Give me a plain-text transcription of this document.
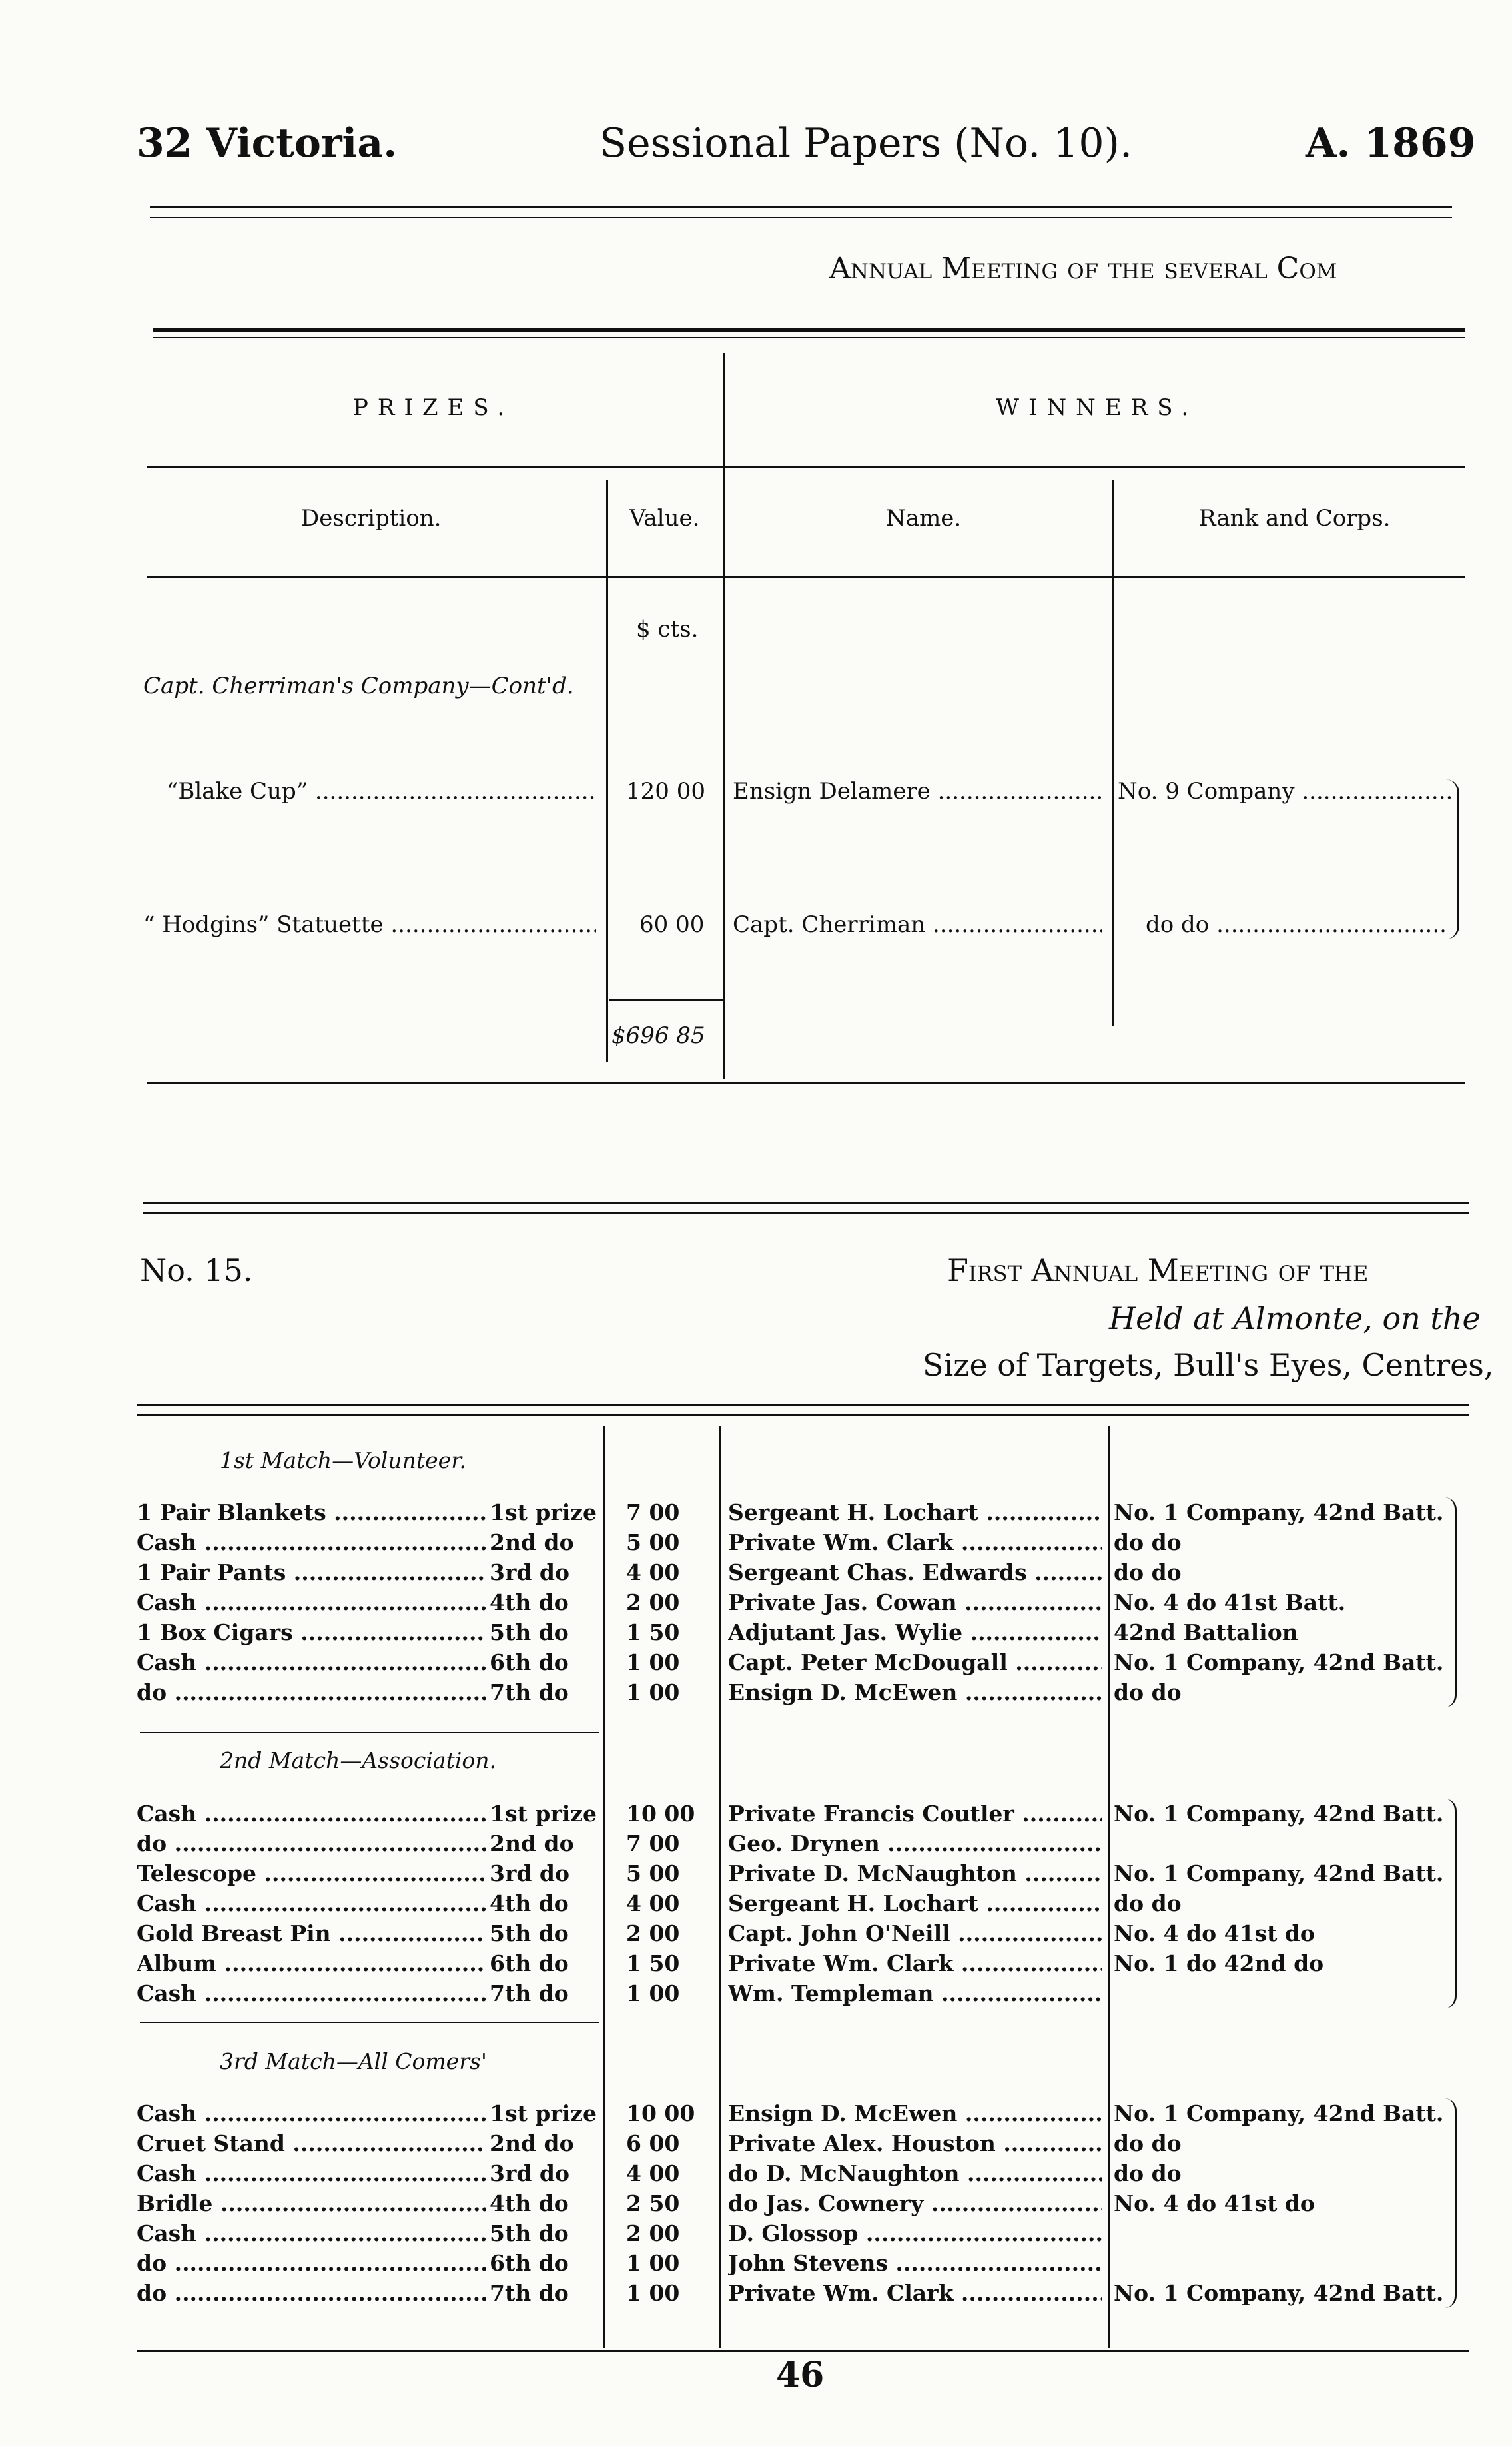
32 Victoria.	Sessional Papers (No. 10).	A. 1869
Annual Meeting of the several Com
PRIZES.	WINNERS.
Description.	Value.	Name.	Rank and Corps.
$ cts.
Capt. Cherriman's Company—Cont'd.
“Blake Cup” .....	120 00 Ensign Delamere .....	No. 9 Company .....
“ Hodgins” Statuette .....	60 00 Capt. Cherriman .....	do do .....
$696 85
No. 15.	First Annual Meeting of the
Held at Almonte, on the
Size of Targets, Bull's Eyes, Centres,
1st Match—Volunteer.
1 Pair Blankets .....	1st prize 7 00	Sergeant H. Lochart .....	No. 1 Company, 42nd Batt.
Cash .....	2nd do	5 00	Private Wm. Clark .....	do do
1 Pair Pants .....	3rd do	4 00	Sergeant Chas. Edwards .....	do do
Cash .....	4th do	2 00	Private Jas. Cowan .....	No. 4 do 41st Batt.
1 Box Cigars .....	5th do	1 50	Adjutant Jas. Wylie .....	42nd Battalion
Cash .....	6th do	1 00	Capt. Peter McDougall .....	No. 1 Company, 42nd Batt.
do .....	7th do	1 00	Ensign D. McEwen .....	do do
2nd Match—Association.
Cash .....	1st prize 10 00	Private Francis Coutler .....	No. 1 Company, 42nd Batt.
do .....	2nd do	7 00	Geo. Drynen .....
Telescope .....	3rd do	5 00	Private D. McNaughton .....	No. 1 Company, 42nd Batt.
Cash .....	4th do	4 00	Sergeant H. Lochart .....	do do
Gold Breast Pin .....	5th do	2 00	Capt. John O'Neill .....	No. 4 do 41st do
Album .....	6th do	1 50	Private Wm. Clark .....	No. 1 do 42nd do
Cash .....	7th do	1 00	Wm. Templeman .....
3rd Match—All Comers'
Cash .....	1st prize 10 00	Ensign D. McEwen .....	No. 1 Company, 42nd Batt.
Cruet Stand .....	2nd do	6 00	Private Alex. Houston .....	do do
Cash .....	3rd do	4 00	do D. McNaughton .....	do do
Bridle .....	4th do	2 50	do Jas. Cownery .....	No. 4 do 41st do
Cash .....	5th do	2 00	D. Glossop .....
do .....	6th do	1 00	John Stevens .....
do .....	7th do	1 00	Private Wm. Clark .....	No. 1 Company, 42nd Batt.
46
